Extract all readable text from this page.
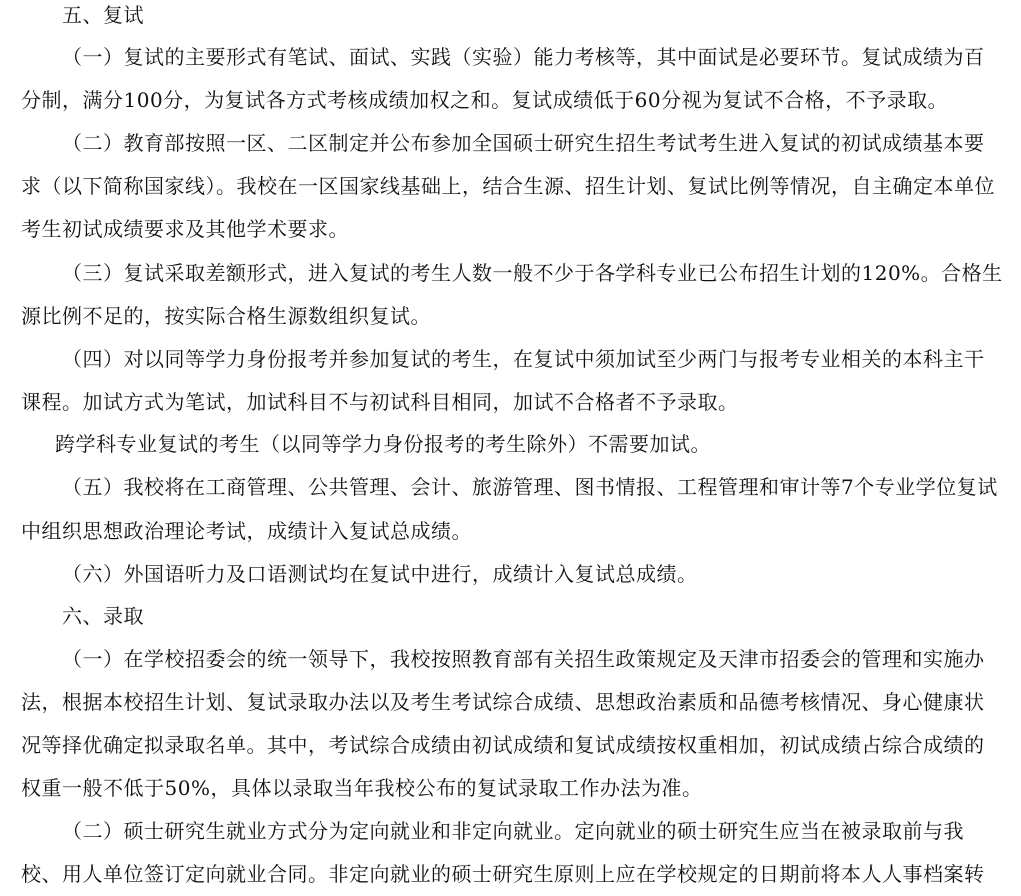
五、复试
（一）复试的主要形式有笔试、面试、实践（实验）能力考核等，其中面试是必要环节。复试成绩为百
分制，满分100分，为复试各方式考核成绩加权之和。复试成绩低于60分视为复试不合格，不予录取。
（二）教育部按照一区、二区制定并公布参加全国硕士研究生招生考试考生进入复试的初试成绩基本要
求（以下简称国家线）。我校在一区国家线基础上，结合生源、招生计划、复试比例等情况，自主确定本单位
考生初试成绩要求及其他学术要求。
（三）复试采取差额形式，进入复试的考生人数一般不少于各学科专业已公布招生计划的120%。合格生
源比例不足的，按实际合格生源数组织复试。
（四）对以同等学力身份报考并参加复试的考生，在复试中须加试至少两门与报考专业相关的本科主干
课程。加试方式为笔试，加试科目不与初试科目相同，加试不合格者不予录取。
跨学科专业复试的考生（以同等学力身份报考的考生除外）不需要加试。
（五）我校将在工商管理、公共管理、会计、旅游管理、图书情报、工程管理和审计等7个专业学位复试
中组织思想政治理论考试，成绩计入复试总成绩。
（六）外国语听力及口语测试均在复试中进行，成绩计入复试总成绩。
六、录取
（一）在学校招委会的统一领导下，我校按照教育部有关招生政策规定及天津市招委会的管理和实施办
法，根据本校招生计划、复试录取办法以及考生考试综合成绩、思想政治素质和品德考核情况、身心健康状
况等择优确定拟录取名单。其中，考试综合成绩由初试成绩和复试成绩按权重相加，初试成绩占综合成绩的
权重一般不低于50%，具体以录取当年我校公布的复试录取工作办法为准。
（二）硕士研究生就业方式分为定向就业和非定向就业。定向就业的硕士研究生应当在被录取前与我
校、用人单位签订定向就业合同。非定向就业的硕士研究生原则上应在学校规定的日期前将本人人事档案转
